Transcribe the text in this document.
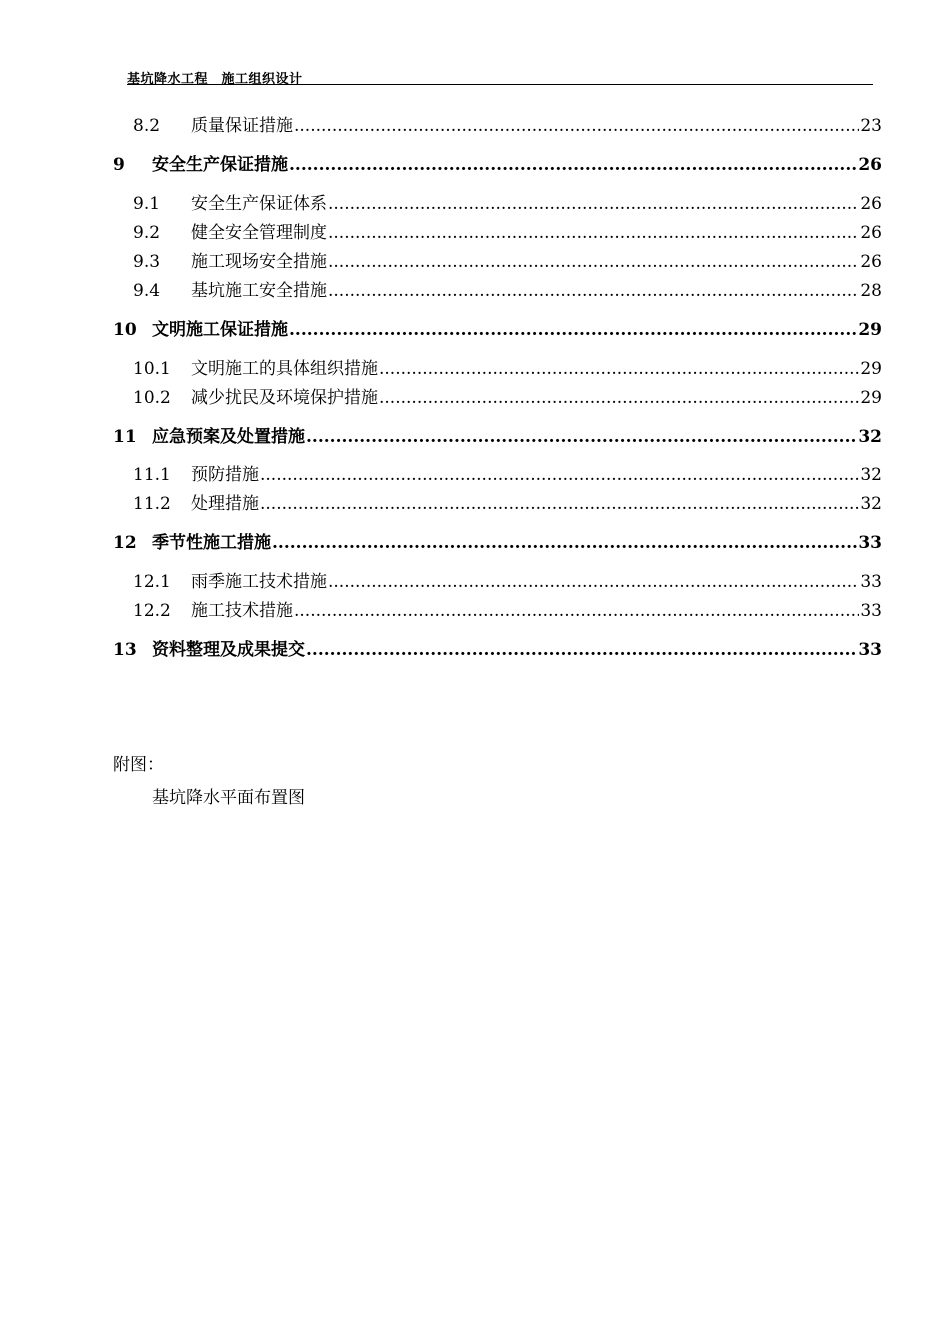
基坑降水工程　施工组织设计
8.2	质量保证措施 .....	23
9	安全生产保证措施 .....	26
9.1	安全生产保证体系 .....	26
9.2	健全安全管理制度 .....	26
9.3	施工现场安全措施 .....	26
9.4	基坑施工安全措施 .....	28
10 文明施工保证措施 .....	29
10.1	文明施工的具体组织措施 .....	29
10.2	减少扰民及环境保护措施 .....	29
11 应急预案及处置措施 .....	32
11.1	预防措施 .....	32
11.2	处理措施 .....	32
12 季节性施工措施 .....	33
12.1	雨季施工技术措施 .....	33
12.2	施工技术措施 .....	33
13 资料整理及成果提交 .....	33
附图：
基坑降水平面布置图
